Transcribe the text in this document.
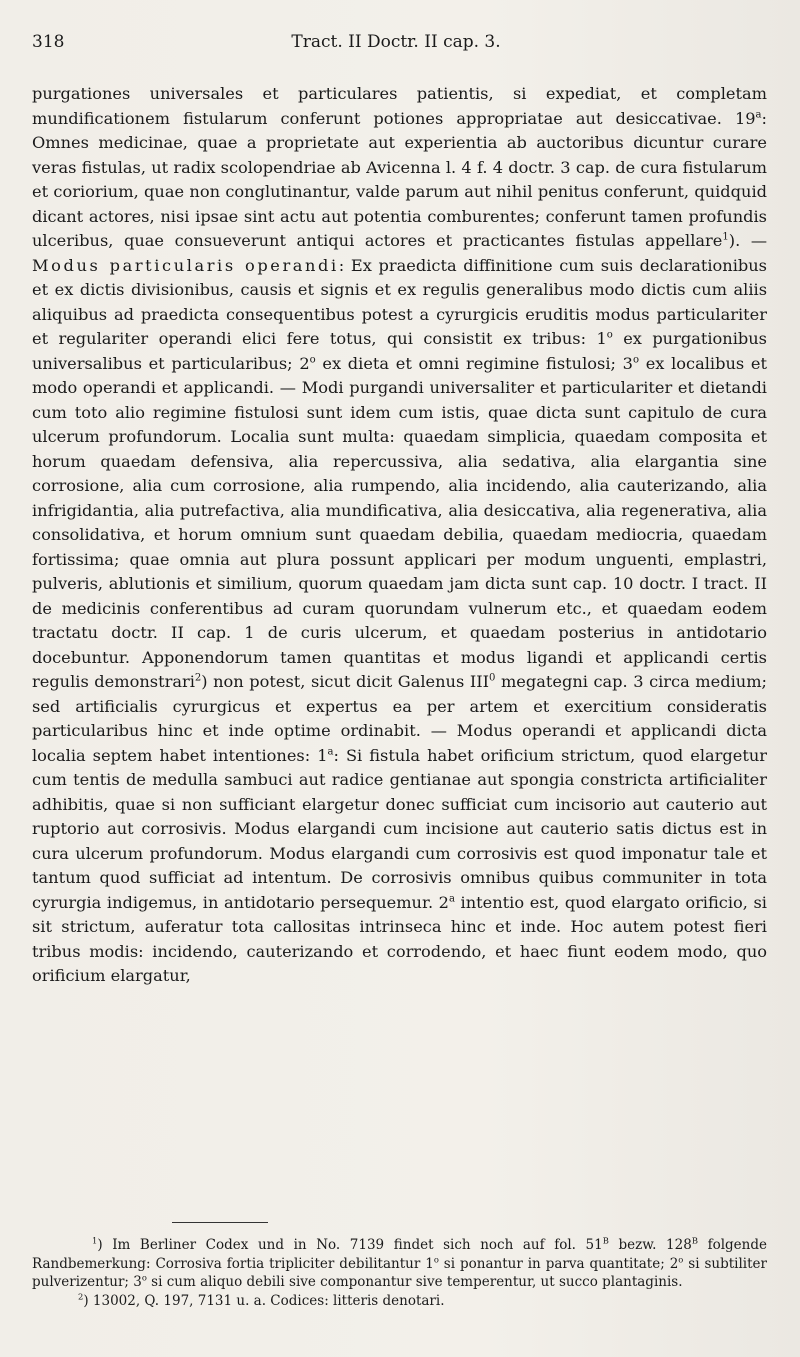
318	Tract. II Doctr. II cap. 3.

purgationes universales et particulares patientis, si expediat, et completam mundificationem fistularum conferunt potiones appropriatae aut desiccativae. 19$^a$: Omnes medicinae, quae a proprietate aut experientia ab auctoribus dicuntur curare veras fistulas, ut radix scolopendriae ab Avicenna l. 4 f. 4 doctr. 3 cap. de cura fistularum et coriorium, quae non conglutinantur, valde parum aut nihil penitus conferunt, quidquid dicant actores, nisi ipsae sint actu aut potentia comburentes; conferunt tamen profundis ulceribus, quae consueverunt antiqui actores et practicantes fistulas appellare$^1$). — Modus particularis operandi: Ex praedicta diffinitione cum suis declarationibus et ex dictis divisionibus, causis et signis et ex regulis generalibus modo dictis cum aliis aliquibus ad praedicta consequentibus potest a cyrurgicis eruditis modus particulariter et regulariter operandi elici fere totus, qui consistit ex tribus: 1$^o$ ex purgationibus universalibus et particularibus; 2$^o$ ex dieta et omni regimine fistulosi; 3$^o$ ex localibus et modo operandi et applicandi. — Modi purgandi universaliter et particulariter et dietandi cum toto alio regimine fistulosi sunt idem cum istis, quae dicta sunt capitulo de cura ulcerum profundorum. Localia sunt multa: quaedam simplicia, quaedam composita et horum quaedam defensiva, alia repercussiva, alia sedativa, alia elargantia sine corrosione, alia cum corrosione, alia rumpendo, alia incidendo, alia cauterizando, alia infrigidantia, alia putrefactiva, alia mundificativa, alia desiccativa, alia regenerativa, alia consolidativa, et horum omnium sunt quaedam debilia, quaedam mediocria, quaedam fortissima; quae omnia aut plura possunt applicari per modum unguenti, emplastri, pulveris, ablutionis et similium, quorum quaedam jam dicta sunt cap. 10 doctr. I tract. II de medicinis conferentibus ad curam quorundam vulnerum etc., et quaedam eodem tractatu doctr. II cap. 1 de curis ulcerum, et quaedam posterius in antidotario docebuntur. Apponendorum tamen quantitas et modus ligandi et applicandi certis regulis demonstrari$^2$) non potest, sicut dicit Galenus III$^0$ megategni cap. 3 circa medium; sed artificialis cyrurgicus et expertus ea per artem et exercitium consideratis particularibus hinc et inde optime ordinabit. — Modus operandi et applicandi dicta localia septem habet intentiones: 1$^a$: Si fistula habet orificium strictum, quod elargetur cum tentis de medulla sambuci aut radice gentianae aut spongia constricta artificialiter adhibitis, quae si non sufficiant elargetur donec sufficiat cum incisorio aut cauterio aut ruptorio aut corrosivis. Modus elargandi cum incisione aut cauterio satis dictus est in cura ulcerum profundorum. Modus elargandi cum corrosivis est quod imponatur tale et tantum quod sufficiat ad intentum. De corrosivis omnibus quibus communiter in tota cyrurgia indigemus, in antidotario persequemur. 2$^a$ intentio est, quod elargato orificio, si sit strictum, auferatur tota callositas intrinseca hinc et inde. Hoc autem potest fieri tribus modis: incidendo, cauterizando et corrodendo, et haec fiunt eodem modo, quo orificium elargatur,

$^1$) Im Berliner Codex und in No. 7139 findet sich noch auf fol. $51^B$ bezw. $128^B$ folgende Randbemerkung: Corrosiva fortia tripliciter debilitantur 1$^o$ si ponantur in parva quantitate; 2$^o$ si subtiliter pulverizentur; 3$^o$ si cum aliquo debili sive componantur sive temperentur, ut succo plantaginis.

$^2$) 13002, Q. 197, 7131 u. a. Codices: litteris denotari.
